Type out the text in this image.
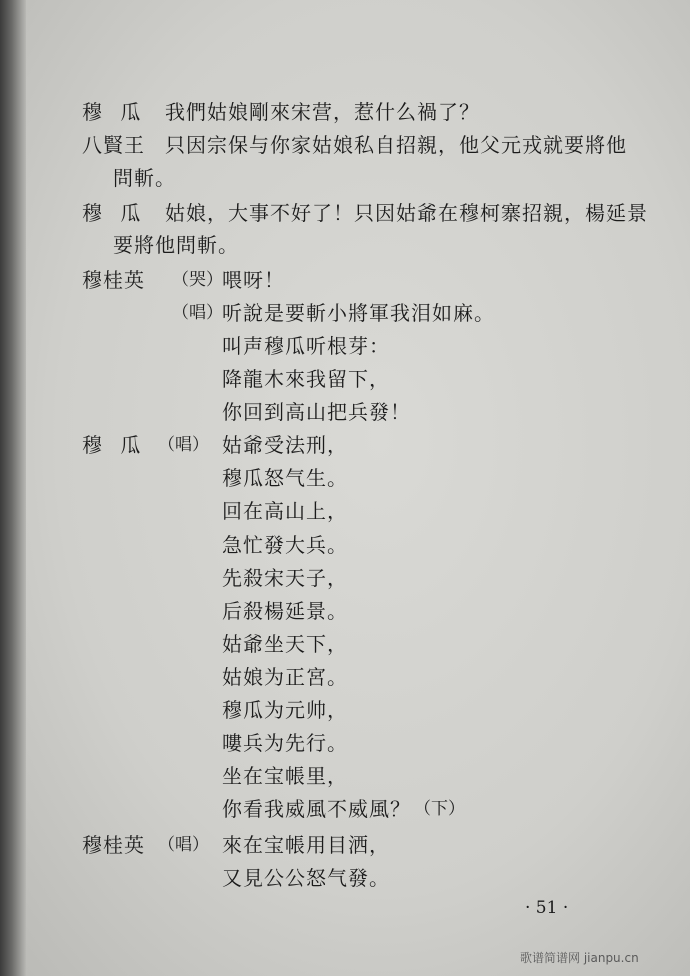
穆 瓜 我們姑娘剛來宋营，惹什么禍了？
八賢王 只因宗保与你家姑娘私自招親，他父元戎就要將他
問斬。
穆 瓜 姑娘，大事不好了！只因姑爺在穆柯寨招親，楊延景
要將他問斬。
穆桂英 （哭） 喂呀！
（唱） 听說是要斬小將軍我泪如麻。
叫声穆瓜听根芽：
降龍木來我留下，
你回到高山把兵發！
穆 瓜 （唱） 姑爺受法刑，
穆瓜怒气生。
回在高山上，
急忙發大兵。
先殺宋天子，
后殺楊延景。
姑爺坐天下，
姑娘为正宮。
穆瓜为元帅，
嘍兵为先行。
坐在宝帳里，
你看我威風不威風？ （下）
穆桂英 （唱） 來在宝帳用目洒，
又見公公怒气發。
· 51 ·
歌谱简谱网 jianpu.cn
